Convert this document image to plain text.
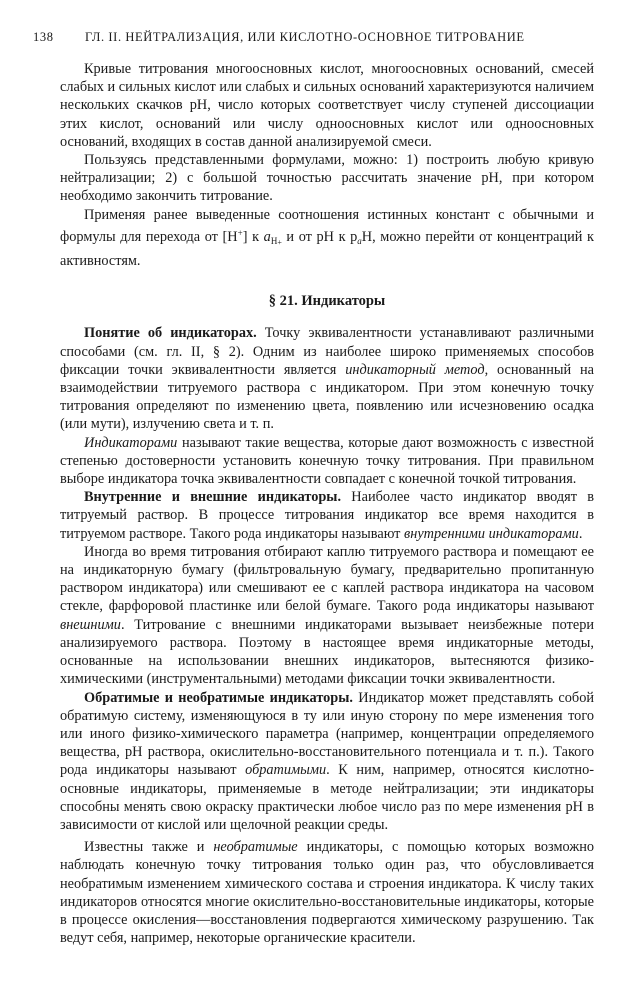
138	ГЛ. II. НЕЙТРАЛИЗАЦИЯ, ИЛИ КИСЛОТНО-ОСНОВНОЕ ТИТРОВАНИЕ

Кривые титрования многоосновных кислот, многоосновных оснований, смесей слабых и сильных кислот или слабых и сильных оснований характеризуются наличием нескольких скачков pH, число которых соответствует числу ступеней диссоциации этих кислот, оснований или числу одноосновных кислот или одноосновных оснований, входящих в состав данной анализируемой смеси.

Пользуясь представленными формулами, можно: 1) построить любую кривую нейтрализации; 2) с большой точностью рассчитать значение pH, при котором необходимо закончить титрование.

Применяя ранее выведенные соотношения истинных констант с обычными и формулы для перехода от [H+] к $a_{H+}$ и от pH к $p_aH$, можно перейти от концентраций к активностям.

§ 21. Индикаторы

Понятие об индикаторах. Точку эквивалентности устанавливают различными способами (см. гл. II, § 2). Одним из наиболее широко применяемых способов фиксации точки эквивалентности является индикаторный метод, основанный на взаимодействии титруемого раствора с индикатором. При этом конечную точку титрования определяют по изменению цвета, появлению или исчезновению осадка (или мути), излучению света и т. п.

Индикаторами называют такие вещества, которые дают возможность с известной степенью достоверности установить конечную точку титрования. При правильном выборе индикатора точка эквивалентности совпадает с конечной точкой титрования.

Внутренние и внешние индикаторы. Наиболее часто индикатор вводят в титруемый раствор. В процессе титрования индикатор все время находится в титруемом растворе. Такого рода индикаторы называют внутренними индикаторами.

Иногда во время титрования отбирают каплю титруемого раствора и помещают ее на индикаторную бумагу (фильтровальную бумагу, предварительно пропитанную раствором индикатора) или смешивают ее с каплей раствора индикатора на часовом стекле, фарфоровой пластинке или белой бумаге. Такого рода индикаторы называют внешними. Титрование с внешними индикаторами вызывает неизбежные потери анализируемого раствора. Поэтому в настоящее время индикаторные методы, основанные на использовании внешних индикаторов, вытесняются физико-химическими (инструментальными) методами фиксации точки эквивалентности.

Обратимые и необратимые индикаторы. Индикатор может представлять собой обратимую систему, изменяющуюся в ту или иную сторону по мере изменения того или иного физико-химического параметра (например, концентрации определяемого вещества, pH раствора, окислительно-восстановительного потенциала и т. п.). Такого рода индикаторы называют обратимыми. К ним, например, относятся кислотно-основные индикаторы, применяемые в методе нейтрализации; эти индикаторы способны менять свою окраску практически любое число раз по мере изменения pH в зависимости от кислой или щелочной реакции среды.

Известны также и необратимые индикаторы, с помощью которых возможно наблюдать конечную точку титрования только один раз, что обусловливается необратимым изменением химического состава и строения индикатора. К числу таких индикаторов относятся многие окислительно-восстановительные индикаторы, которые в процессе окисления—восстановления подвергаются химическому разрушению. Так ведут себя, например, некоторые органические красители.
